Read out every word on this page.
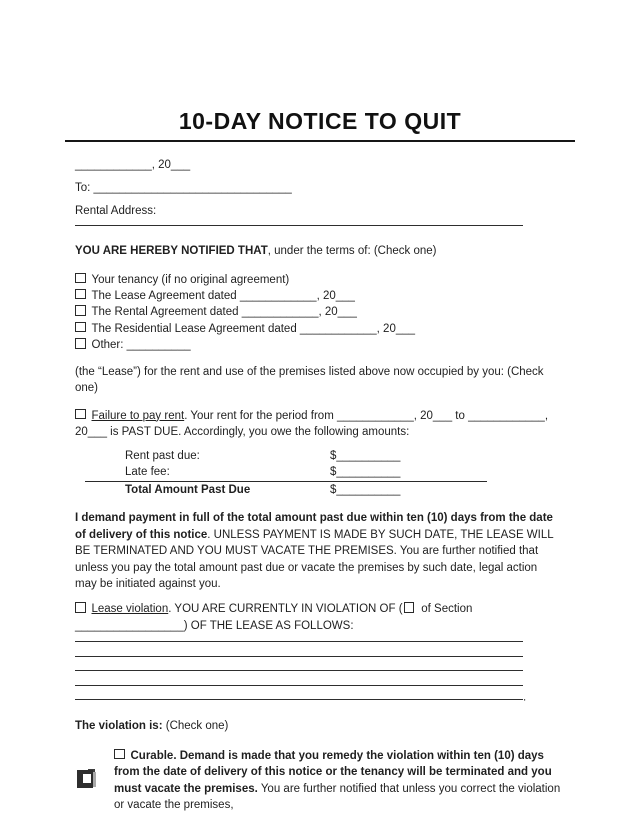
10-DAY NOTICE TO QUIT

____________, 20___

To: _______________________________

Rental Address:

YOU ARE HEREBY NOTIFIED THAT, under the terms of: (Check one)

Your tenancy (if no original agreement)
The Lease Agreement dated ____________, 20___
The Rental Agreement dated ____________, 20___
The Residential Lease Agreement dated ____________, 20___
Other: __________

(the “Lease”) for the rent and use of the premises listed above now occupied by you: (Check one)

Failure to pay rent. Your rent for the period from ____________, 20___ to ____________, 20___ is PAST DUE. Accordingly, you owe the following amounts:

Rent past due:	$__________
Late fee:	$__________
Total Amount Past Due	$__________

I demand payment in full of the total amount past due within ten (10) days from the date of delivery of this notice. UNLESS PAYMENT IS MADE BY SUCH DATE, THE LEASE WILL BE TERMINATED AND YOU MUST VACATE THE PREMISES. You are further notified that unless you pay the total amount past due or vacate the premises by such date, legal action may be initiated against you.

Lease violation. YOU ARE CURRENTLY IN VIOLATION OF ( of Section _________________) OF THE LEASE AS FOLLOWS:

.

The violation is: (Check one)

Curable. Demand is made that you remedy the violation within ten (10) days from the date of delivery of this notice or the tenancy will be terminated and you must vacate the premises. You are further notified that unless you correct the violation or vacate the premises,
